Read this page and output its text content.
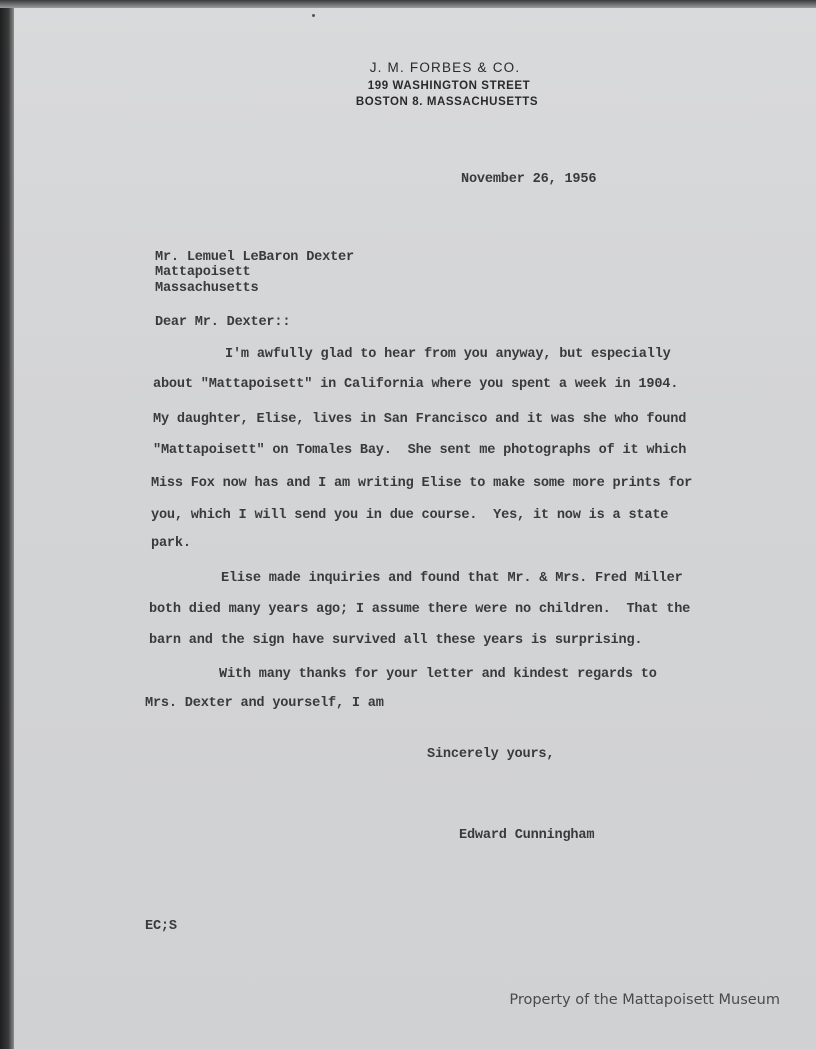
J. M. FORBES & CO.
199 WASHINGTON STREET
BOSTON 8. MASSACHUSETTS
November 26, 1956
Mr. Lemuel LeBaron Dexter
Mattapoisett
Massachusetts
Dear Mr. Dexter::
I'm awfully glad to hear from you anyway, but especially
about "Mattapoisett" in California where you spent a week in 1904.
My daughter, Elise, lives in San Francisco and it was she who found
"Mattapoisett" on Tomales Bay.  She sent me photographs of it which
Miss Fox now has and I am writing Elise to make some more prints for
you, which I will send you in due course.  Yes, it now is a state
park.
Elise made inquiries and found that Mr. & Mrs. Fred Miller
both died many years ago; I assume there were no children.  That the
barn and the sign have survived all these years is surprising.
With many thanks for your letter and kindest regards to
Mrs. Dexter and yourself, I am
Sincerely yours,
Edward Cunningham
EC;S
Property of the Mattapoisett Museum
